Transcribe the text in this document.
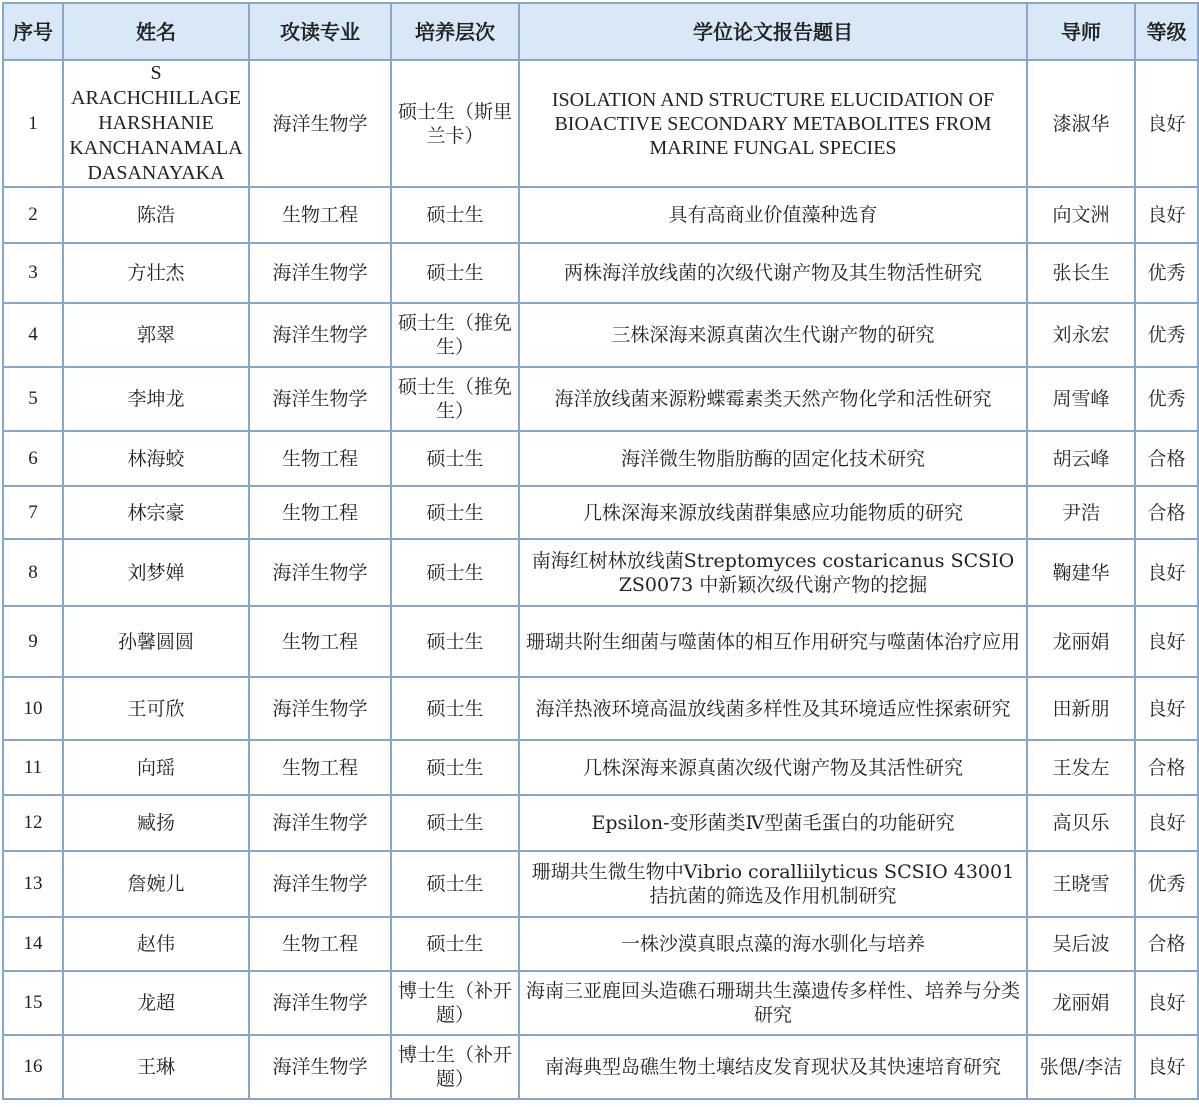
序号	姓名	攻读专业	培养层次	学位论文报告题目	导师	等级
1	S ARACHCHILLAGE HARSHANIE KANCHANAMALA DASANAYAKA	海洋生物学	硕士生（斯里兰卡）	ISOLATION AND STRUCTURE ELUCIDATION OF BIOACTIVE SECONDARY METABOLITES FROM MARINE FUNGAL SPECIES	漆淑华	良好
2	陈浩	生物工程	硕士生	具有高商业价值藻种选育	向文洲	良好
3	方壮杰	海洋生物学	硕士生	两株海洋放线菌的次级代谢产物及其生物活性研究	张长生	优秀
4	郭翠	海洋生物学	硕士生（推免生）	三株深海来源真菌次生代谢产物的研究	刘永宏	优秀
5	李坤龙	海洋生物学	硕士生（推免生）	海洋放线菌来源粉蝶霉素类天然产物化学和活性研究	周雪峰	优秀
6	林海蛟	生物工程	硕士生	海洋微生物脂肪酶的固定化技术研究	胡云峰	合格
7	林宗豪	生物工程	硕士生	几株深海来源放线菌群集感应功能物质的研究	尹浩	合格
8	刘梦婵	海洋生物学	硕士生	南海红树林放线菌Streptomyces costaricanus SCSIO ZS0073 中新颖次级代谢产物的挖掘	鞠建华	良好
9	孙馨圆圆	生物工程	硕士生	珊瑚共附生细菌与噬菌体的相互作用研究与噬菌体治疗应用	龙丽娟	良好
10	王可欣	海洋生物学	硕士生	海洋热液环境高温放线菌多样性及其环境适应性探索研究	田新朋	良好
11	向瑶	生物工程	硕士生	几株深海来源真菌次级代谢产物及其活性研究	王发左	合格
12	臧扬	海洋生物学	硕士生	Epsilon-变形菌类Ⅳ型菌毛蛋白的功能研究	高贝乐	良好
13	詹婉儿	海洋生物学	硕士生	珊瑚共生微生物中Vibrio coralliilyticus SCSIO 43001 拮抗菌的筛选及作用机制研究	王晓雪	优秀
14	赵伟	生物工程	硕士生	一株沙漠真眼点藻的海水驯化与培养	吴后波	合格
15	龙超	海洋生物学	博士生（补开题）	海南三亚鹿回头造礁石珊瑚共生藻遗传多样性、培养与分类研究	龙丽娟	良好
16	王琳	海洋生物学	博士生（补开题）	南海典型岛礁生物土壤结皮发育现状及其快速培育研究	张偲/李洁	良好
